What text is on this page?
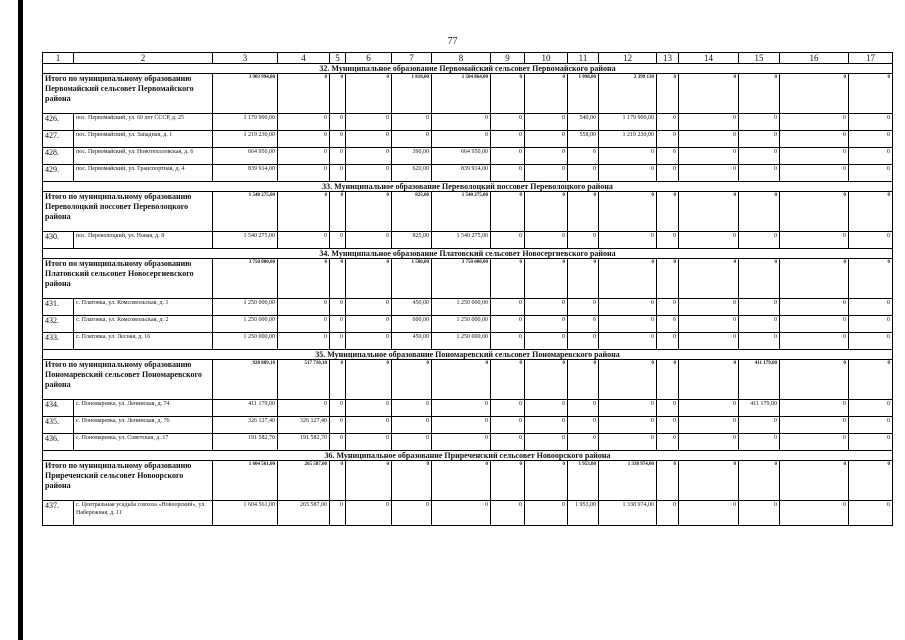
77
1	2	3	4	5	6	7	8	9	10	11	12	13	14	15	16	17
32. Муниципальное образование Первомайский сельсовет Первомайского района																
Итого по муниципальному образованию Первомайский сельсовет Первомайского района		3 903 994,00	0	0	0	1 818,00	1 504 864,00	0	0	1 098,00	2 399 130	0	0	0	0	0
426.	пос. Первомайский, ул. 60 лет СССР, д. 25	1 179 900,00	0	0	0	0	0	0	0	540,00	1 179 900,00	0	0	0	0	0
427.	пос. Первомайский, ул. Западная, д. 1	1 219 230,00	0	0	0	0	0	0	0	558,00	1 219 230,00	0	0	0	0	0
428.	пос. Первомайский, ул. Новотеплловская, д. 6	664 950,00	0	0	0	390,00	664 950,00	0	0	0	0	0	0	0	0	0
429.	пос. Первомайский, ул. Транспортная, д. 4	839 914,00	0	0	0	620,00	839 914,00	0	0	0	0	0	0	0	0	0
33. Муниципальное образование Переволоцкий поссовет Переволоцкого района																
Итого по муниципальному образованию Переволоцкий поссовет Переволоцкого района		1 540 275,00	0	0	0	825,00	1 540 275,00	0	0	0	0	0	0	0	0	0
430.	пос. Переволоцкий, ул. Новая, д. 8	1 540 275,00	0	0	0	825,00	1 540 275,00	0	0	0	0	0	0	0	0	0
34. Муниципальное образование Платовский сельсовет Новосергиевского района																
Итого по муниципальному образованию Платовский сельсовет Новосергиевского района		3 750 000,00	0	0	0	1 500,00	3 750 000,00	0	0	0	0	0	0	0	0	0
431.	с. Платовка, ул. Комсомольская, д. 1	1 250 000,00	0	0	0	450,00	1 250 000,00	0	0	0	0	0	0	0	0	0
432.	с. Платовка, ул. Комсомольская, д. 2	1 250 000,00	0	0	0	600,00	1 250 000,00	0	0	0	0	0	0	0	0	0
433.	с. Платовка, ул. Лесная, д. 16	1 250 000,00	0	0	0	450,00	1 250 000,00	0	0	0	0	0	0	0	0	0
35. Муниципальное образование Пономаревский сельсовет Пономаревского района																
Итого по муниципальному образованию Пономаревский сельсовет Пономаревского района		928 889,10	517 710,10	0	0	0	0	0	0	0	0	0	0	411 179,00	0	0
434.	с. Пономаревка, ул. Ленинская, д. 74	411 179,00	0	0	0	0	0	0	0	0	0	0	0	411 179,00	0	0
435.	с. Пономаревка, ул. Ленинская, д. 76	326 127,40	326 127,40	0	0	0	0	0	0	0	0	0	0	0	0	0
436.	с. Пономаревка, ул. Советская, д. 17	191 582,70	191 582,70	0	0	0	0	0	0	0	0	0	0	0	0	0
36. Муниципальное образование Приреченский сельсовет Новоорского района																
Итого по муниципальному образованию Приреченский сельсовет Новоорского района		1 604 561,00	265 587,00	0	0	0	0	0	0	1 953,00	1 338 974,00	0	0	0	0	0
437.	с. Центральная усадьба совхоза «Новоорский», ул. Набережная, д. 11	1 604 561,00	265 587,00	0	0	0	0	0	0	1 953,00	1 338 974,00	0	0	0	0	0
